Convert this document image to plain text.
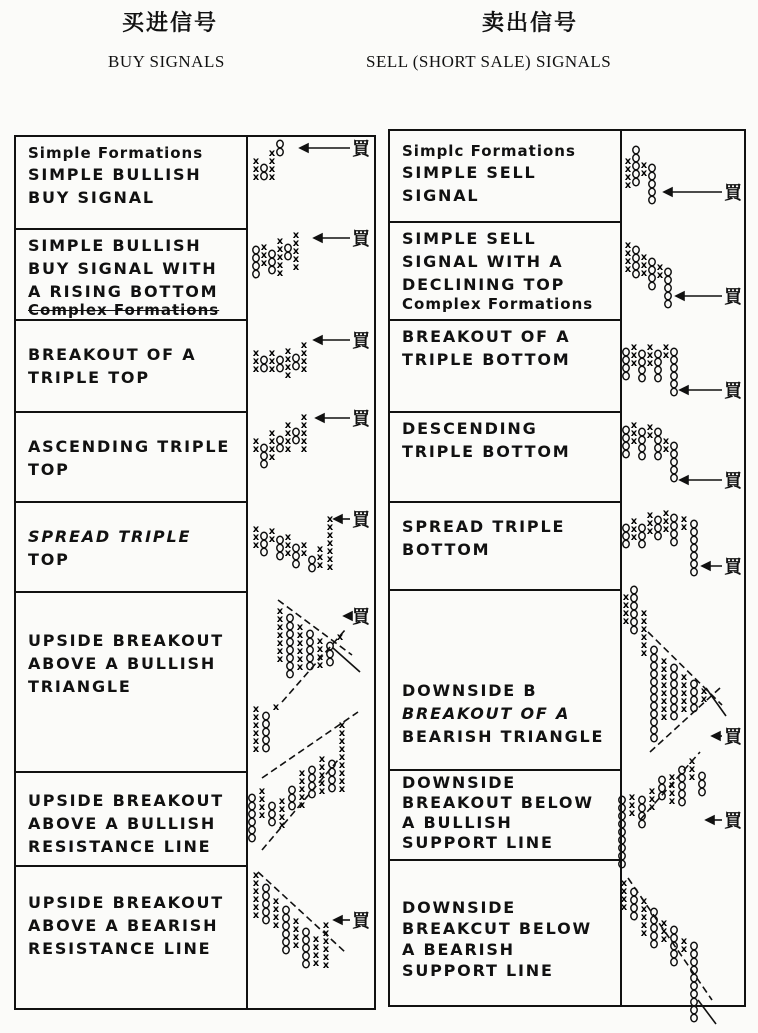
买进信号
BUY SIGNALS
卖出信号
SELL (SHORT SALE) SIGNALS
Simple Formations
SIMPLE BULLISH
BUY SIGNAL
SIMPLE BULLISH
BUY SIGNAL WITH
A RISING BOTTOM
Complex Formations
BREAKOUT OF A
TRIPLE TOP
ASCENDING TRIPLE
TOP
SPREAD TRIPLE
TOP
UPSIDE BREAKOUT
ABOVE A BULLISH
TRIANGLE
UPSIDE BREAKOUT
ABOVE A BULLISH
RESISTANCE LINE
UPSIDE BREAKOUT
ABOVE A BEARISH
RESISTANCE LINE
Simplc Formations
SIMPLE SELL
SIGNAL
SIMPLE SELL
SIGNAL WITH A
DECLINING TOP
Complex Formations
BREAKOUT OF A
TRIPLE BOTTOM
DESCENDING
TRIPLE BOTTOM
SPREAD TRIPLE
BOTTOM
DOWNSIDE B
BREAKOUT OF A
BEARISH TRIANGLE
DOWNSIDE
BREAKOUT BELOW
A BULLISH
SUPPORT LINE
DOWNSIDE
BREAKCUT BELOW
A BEARISH
SUPPORT LINE
x
x
x
x
x
x
x
x
x
x
x
x
x
x
x
x
x
x
x
x
x
x
x
x
x
x
x
x
x
x
x
x
x
x
x
x
x
x
x
x
x
x
x
x
x
x
x
x
x
x
x
x
x
x x
x
x
x
x x
x
x
x
x
x
x
x
x
x
x
x
x
x
x
x
x
x
x
x
x
x
x
x
x
x
x
x
x
x
x
x
x
x
x
x
x
x
x
x
x
x
x
x
x
x
x
x
x
x
x
x
x
x
x
x
x
x
x
x
x
x
x
x
x
x
x
x
x
x
x
x x
x
x
x
x
x
x
x
x
x
x
x
x
x
x
x
x
x
x
x
x
x
x
x
x
x
x
x
x
x
x
x
x
x
x
x
x
x
x
x
x
x
x
x
x
x
x
x
x
x
x
x
x
x
x
x
x
x
x
x
x
x
x
x
x
x
x
x
x
x
x
x
x
x
x
x
x
x
x
x
x
x
x
x
x
x
x
x
x
x
x
x
x
x
x
x
x
x
x
x
x
x
x
x
x x
x
買
買
買
買
買
買
買
買
買
買
買
買
買
買
